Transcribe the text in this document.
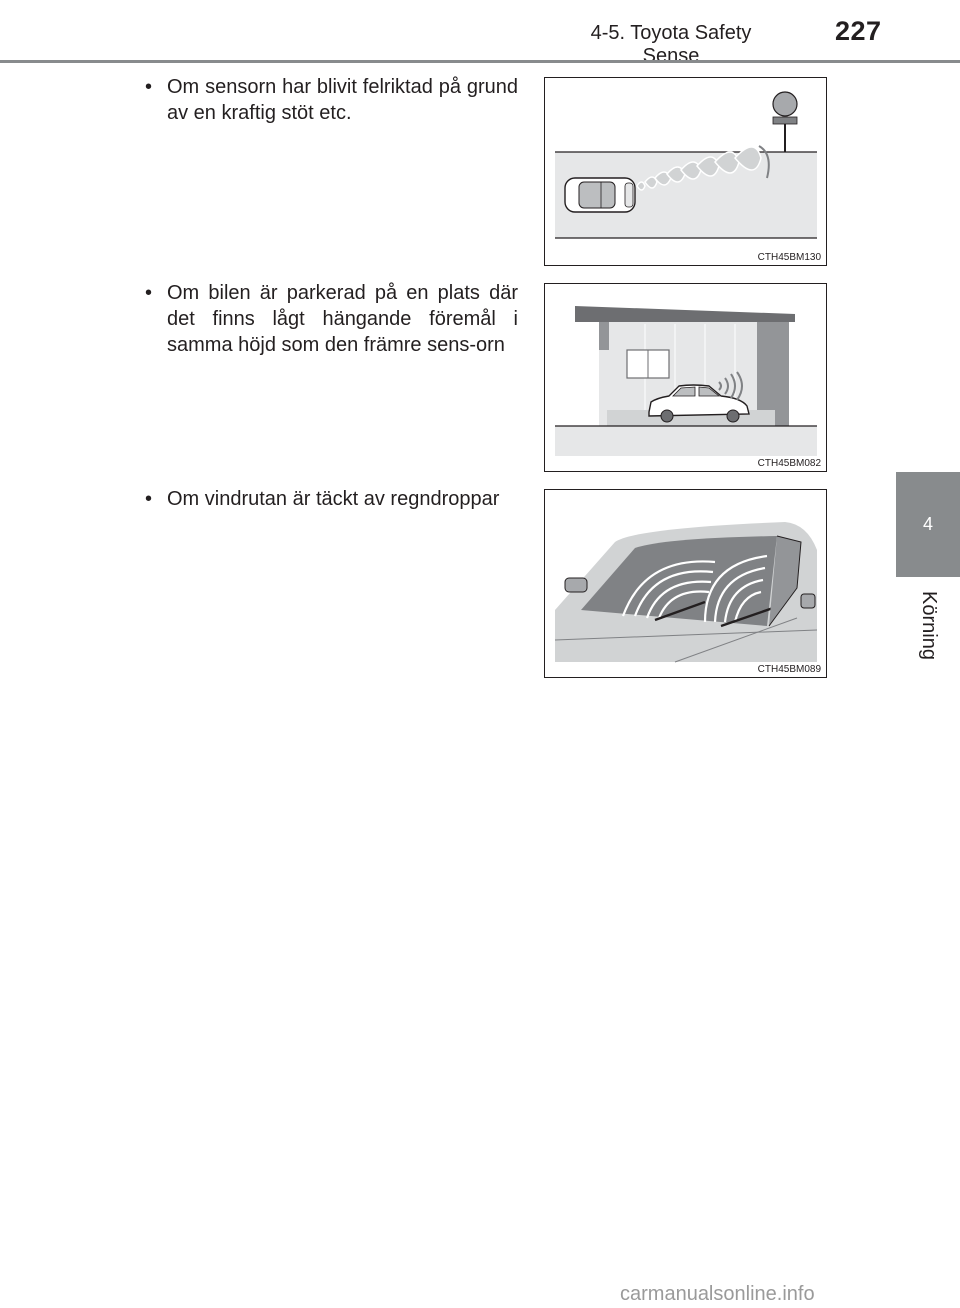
4-5. Toyota Safety Sense
227
4
Körning
• Om sensorn har blivit felriktad på grund av en kraftig stöt etc.
CTH45BM130
• Om bilen är parkerad på en plats där det finns lågt hängande föremål i samma höjd som den främre sens-orn
CTH45BM082
• Om vindrutan är täckt av regndroppar
CTH45BM089
carmanualsonline.info
